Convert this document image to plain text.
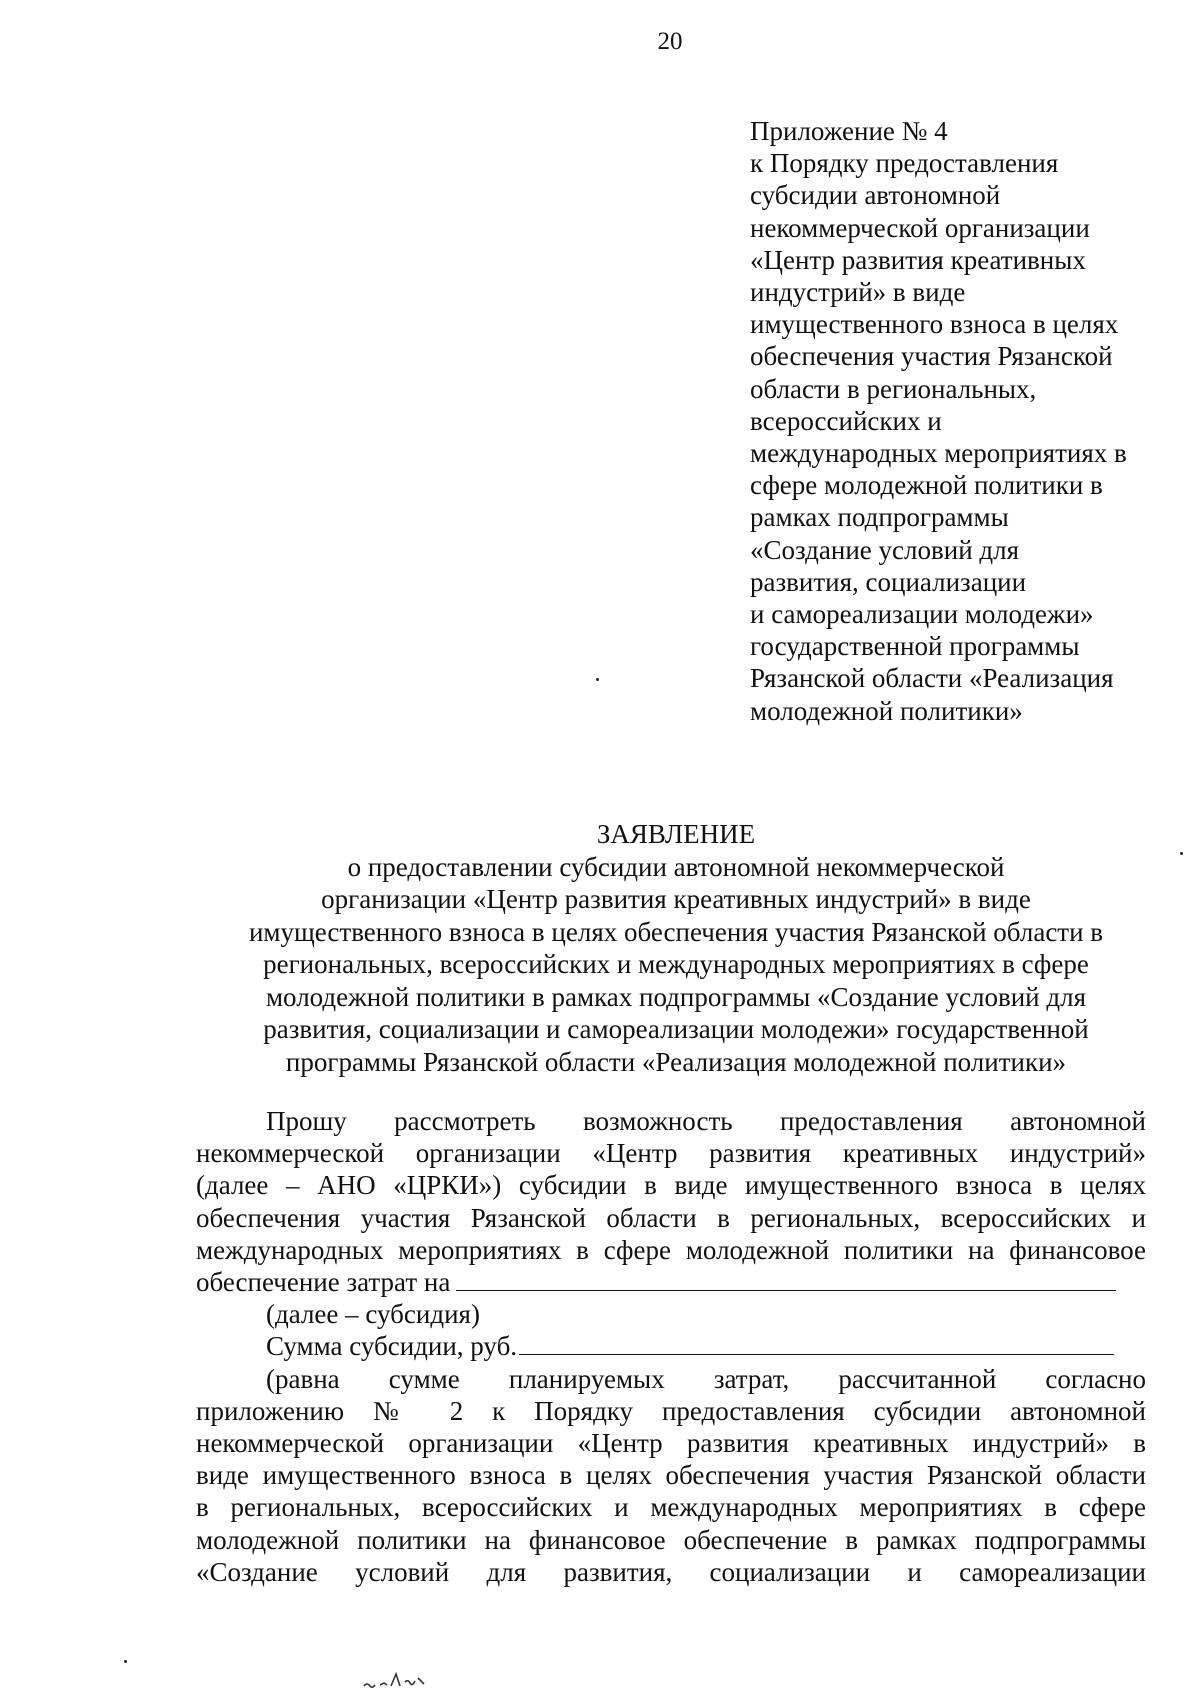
20
Приложение № 4
к Порядку предоставления
субсидии автономной
некоммерческой организации
«Центр развития креативных
индустрий» в виде
имущественного взноса в целях
обеспечения участия Рязанской
области в региональных,
всероссийских и
международных мероприятиях в
сфере молодежной политики в
рамках подпрограммы
«Создание условий для
развития, социализации
и самореализации молодежи»
государственной программы
Рязанской области «Реализация
молодежной политики»
ЗАЯВЛЕНИЕ
о предоставлении субсидии автономной некоммерческой
организации «Центр развития креативных индустрий» в виде
имущественного взноса в целях обеспечения участия Рязанской области в
региональных, всероссийских и международных мероприятиях в сфере
молодежной политики в рамках подпрограммы «Создание условий для
развития, социализации и самореализации молодежи» государственной
программы Рязанской области «Реализация молодежной политики»
Прошу рассмотреть возможность предоставления автономной
некоммерческой организации «Центр развития креативных индустрий»
(далее – АНО «ЦРКИ») субсидии в виде имущественного взноса в целях
обеспечения участия Рязанской области в региональных, всероссийских и
международных мероприятиях в сфере молодежной политики на финансовое
обеспечение затрат на
(далее – субсидия)
Сумма субсидии, руб.
(равна сумме планируемых затрат, рассчитанной согласно
приложению № 2 к Порядку предоставления субсидии автономной
некоммерческой организации «Центр развития креативных индустрий» в
виде имущественного взноса в целях обеспечения участия Рязанской области
в региональных, всероссийских и международных мероприятиях в сфере
молодежной политики на финансовое обеспечение в рамках подпрограммы
«Создание условий для развития, социализации и самореализации
